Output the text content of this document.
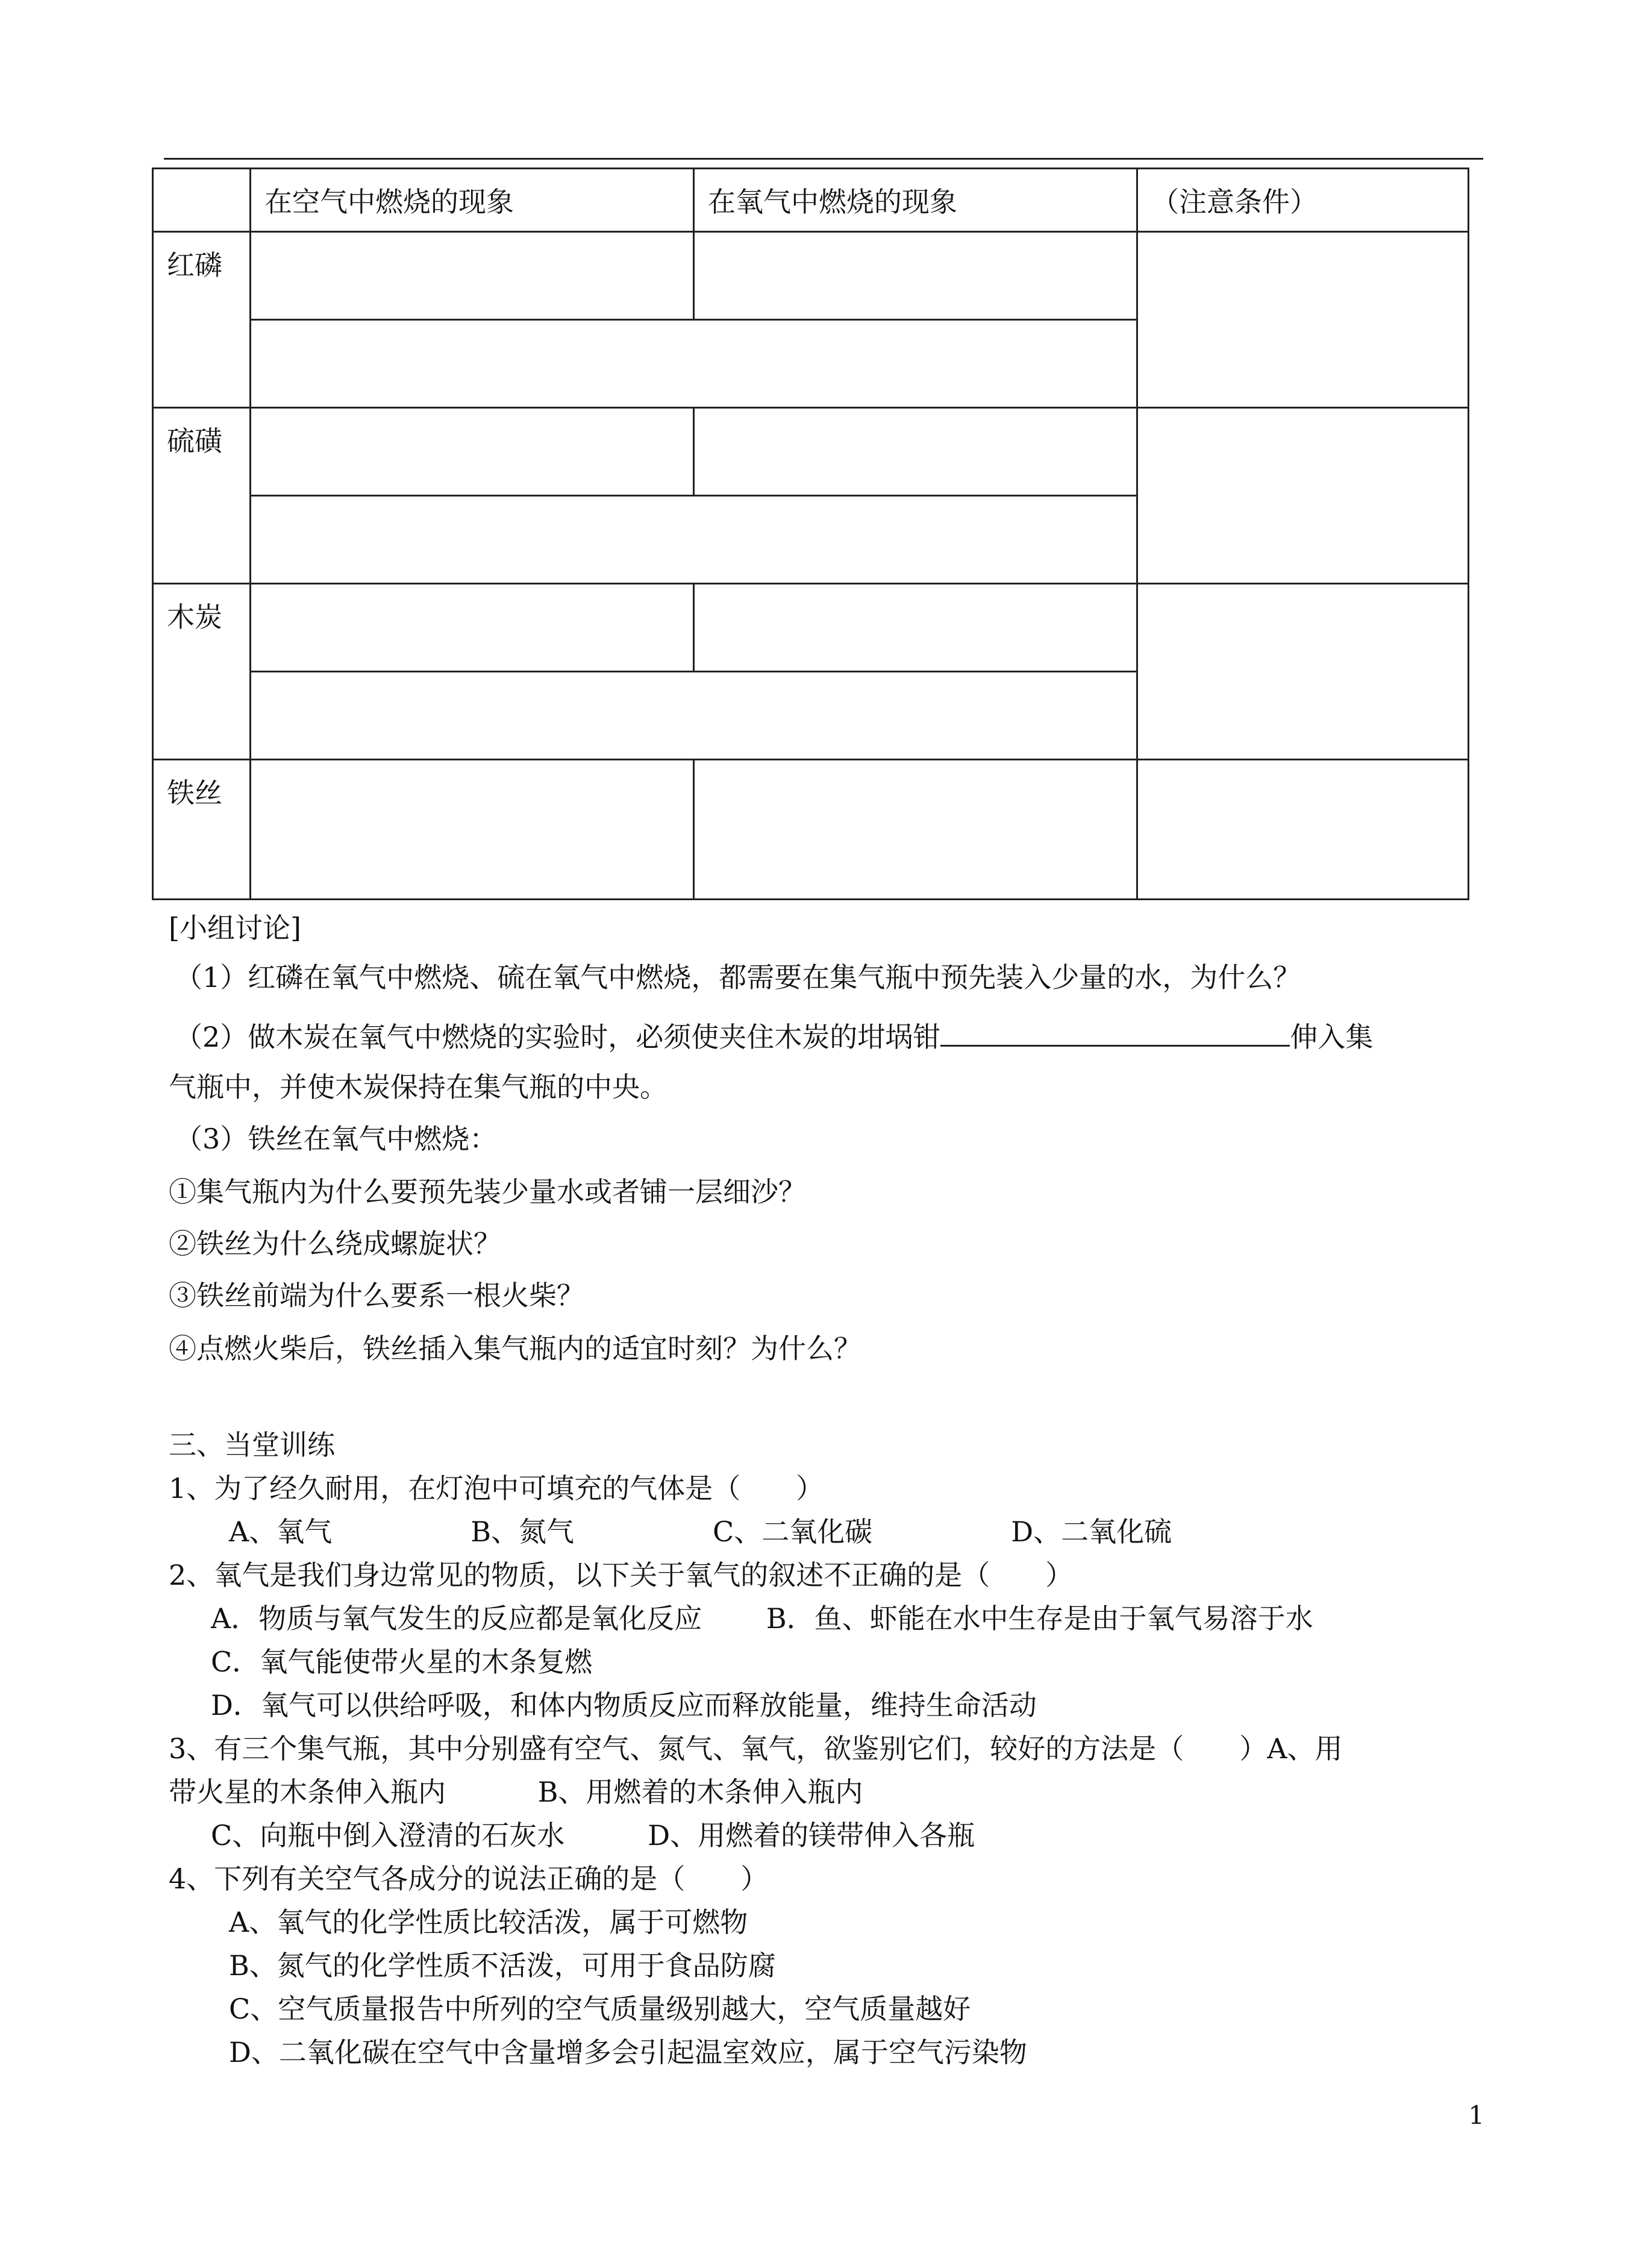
	在空气中燃烧的现象	在氧气中燃烧的现象	（注意条件）
红磷			

硫磺			

木炭			

铁丝			
[小组讨论]
（1）红磷在氧气中燃烧、硫在氧气中燃烧，都需要在集气瓶中预先装入少量的水，为什么？
（2）做木炭在氧气中燃烧的实验时，必须使夹住木炭的坩埚钳	伸入集
气瓶中，并使木炭保持在集气瓶的中央。
（3）铁丝在氧气中燃烧：
①集气瓶内为什么要预先装少量水或者铺一层细沙？
②铁丝为什么绕成螺旋状？
③铁丝前端为什么要系一根火柴？
④点燃火柴后，铁丝插入集气瓶内的适宜时刻？为什么？
三、当堂训练
1、为了经久耐用，在灯泡中可填充的气体是（　　）
A、氧气　　　　　B、氮气　　　　　C、二氧化碳　　　　　D、二氧化硫
2、氧气是我们身边常见的物质，以下关于氧气的叙述不正确的是（　　）
A．物质与氧气发生的反应都是氧化反应　　 B．鱼、虾能在水中生存是由于氧气易溶于水
C．氧气能使带火星的木条复燃
D．氧气可以供给呼吸，和体内物质反应而释放能量，维持生命活动
3、有三个集气瓶，其中分别盛有空气、氮气、氧气，欲鉴别它们，较好的方法是（　　）A、用
带火星的木条伸入瓶内　　　 B、用燃着的木条伸入瓶内
C、向瓶中倒入澄清的石灰水　　　D、用燃着的镁带伸入各瓶
4、下列有关空气各成分的说法正确的是（　　）
A、氧气的化学性质比较活泼，属于可燃物
B、氮气的化学性质不活泼，可用于食品防腐
C、空气质量报告中所列的空气质量级别越大，空气质量越好
D、二氧化碳在空气中含量增多会引起温室效应，属于空气污染物
1
